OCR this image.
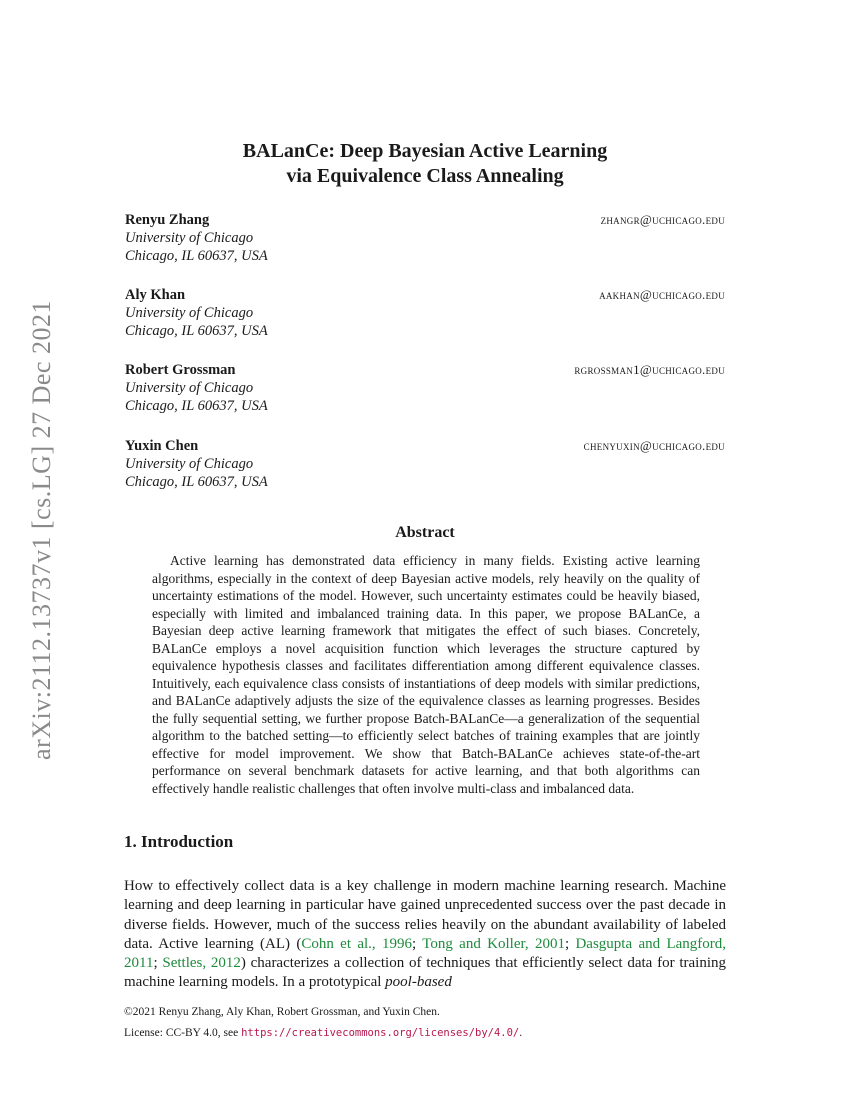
arXiv:2112.13737v1 [cs.LG] 27 Dec 2021
BALanCe: Deep Bayesian Active Learning
via Equivalence Class Annealing
Renyu Zhang	zhangr@uchicago.edu
University of Chicago
Chicago, IL 60637, USA
Aly Khan	aakhan@uchicago.edu
University of Chicago
Chicago, IL 60637, USA
Robert Grossman	rgrossman1@uchicago.edu
University of Chicago
Chicago, IL 60637, USA
Yuxin Chen	chenyuxin@uchicago.edu
University of Chicago
Chicago, IL 60637, USA
Abstract
Active learning has demonstrated data efficiency in many fields. Existing active learning algorithms, especially in the context of deep Bayesian active models, rely heavily on the quality of uncertainty estimations of the model. However, such uncertainty estimates could be heavily biased, especially with limited and imbalanced training data. In this paper, we propose BALanCe, a Bayesian deep active learning framework that mitigates the effect of such biases. Concretely, BALanCe employs a novel acquisition function which leverages the structure captured by equivalence hypothesis classes and facilitates differentiation among different equivalence classes. Intuitively, each equivalence class consists of instantiations of deep models with similar predictions, and BALanCe adaptively adjusts the size of the equivalence classes as learning progresses. Besides the fully sequential setting, we further propose Batch-BALanCe—a generalization of the sequential algorithm to the batched setting—to efficiently select batches of training examples that are jointly effective for model improvement. We show that Batch-BALanCe achieves state-of-the-art performance on several benchmark datasets for active learning, and that both algorithms can effectively handle realistic challenges that often involve multi-class and imbalanced data.
1. Introduction
How to effectively collect data is a key challenge in modern machine learning research. Machine learning and deep learning in particular have gained unprecedented success over the past decade in diverse fields. However, much of the success relies heavily on the abundant availability of labeled data. Active learning (AL) (Cohn et al., 1996; Tong and Koller, 2001; Dasgupta and Langford, 2011; Settles, 2012) characterizes a collection of techniques that efficiently select data for training machine learning models. In a prototypical pool-based
©2021 Renyu Zhang, Aly Khan, Robert Grossman, and Yuxin Chen.
License: CC-BY 4.0, see https://creativecommons.org/licenses/by/4.0/.
